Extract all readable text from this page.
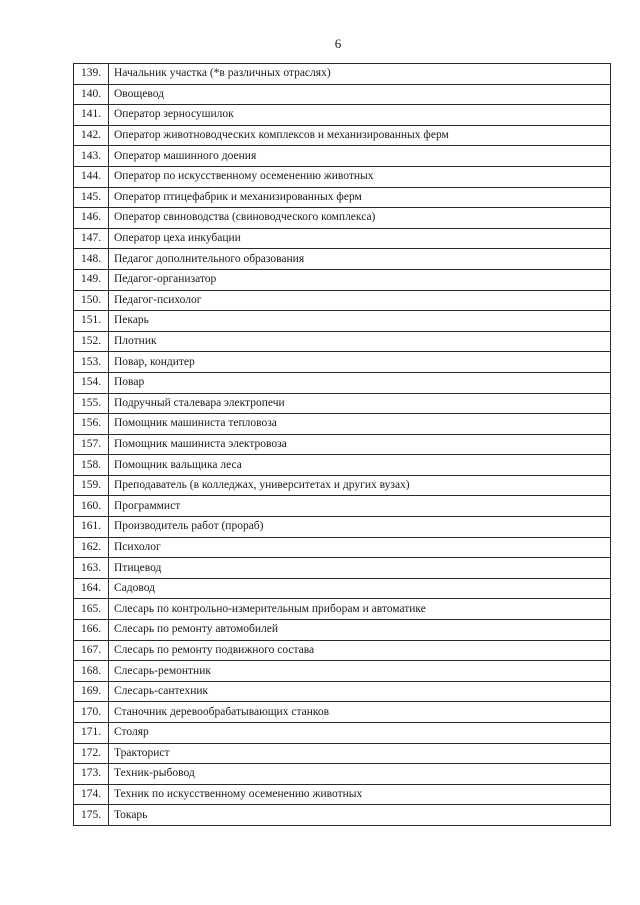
6
139.	Начальник участка (*в различных отраслях)
140.	Овощевод
141.	Оператор зерносушилок
142.	Оператор животноводческих комплексов и механизированных ферм
143.	Оператор машинного доения
144.	Оператор по искусственному осеменению животных
145.	Оператор птицефабрик и механизированных ферм
146.	Оператор свиноводства (свиноводческого комплекса)
147.	Оператор цеха инкубации
148.	Педагог дополнительного образования
149.	Педагог-организатор
150.	Педагог-психолог
151.	Пекарь
152.	Плотник
153.	Повар, кондитер
154.	Повар
155.	Подручный сталевара электропечи
156.	Помощник машиниста тепловоза
157.	Помощник машиниста электровоза
158.	Помощник вальщика леса
159.	Преподаватель (в колледжах, университетах и других вузах)
160.	Программист
161.	Производитель работ (прораб)
162.	Психолог
163.	Птицевод
164.	Садовод
165.	Слесарь по контрольно-измерительным приборам и автоматике
166.	Слесарь по ремонту автомобилей
167.	Слесарь по ремонту подвижного состава
168.	Слесарь-ремонтник
169.	Слесарь-сантехник
170.	Станочник деревообрабатывающих станков
171.	Столяр
172.	Тракторист
173.	Техник-рыбовод
174.	Техник по искусственному осеменению животных
175.	Токарь
